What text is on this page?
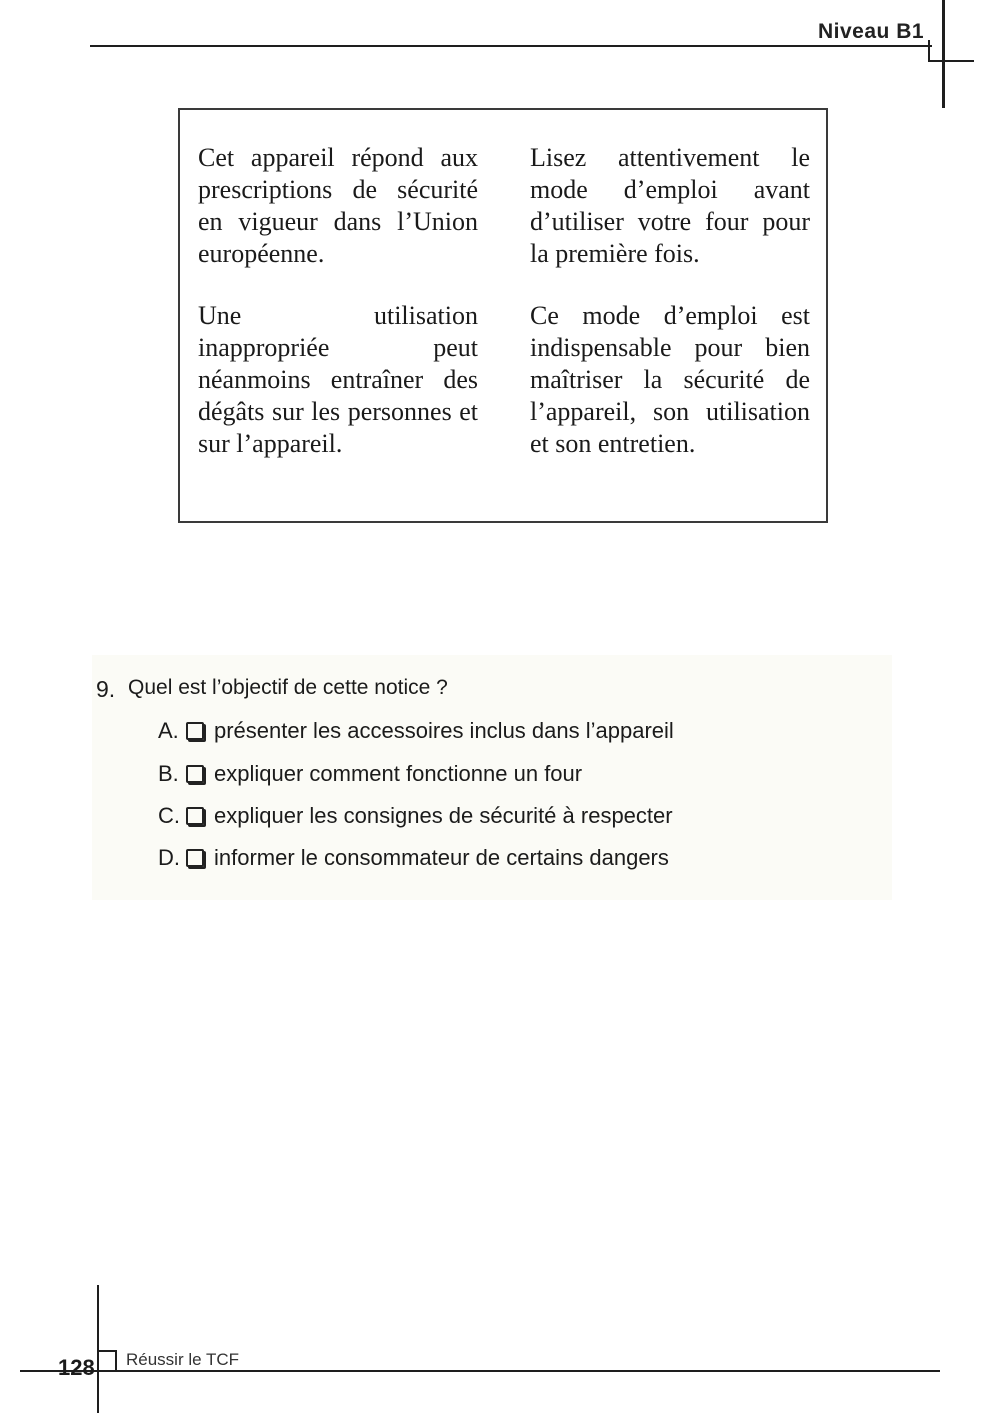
Niveau B1

Cet appareil répond aux prescriptions de sécurité en vigueur dans l’Union européenne.

Une utilisation inappropriée peut néanmoins entraîner des dégâts sur les personnes et sur l’appareil.

Lisez attentivement le mode d’emploi avant d’utiliser votre four pour la première fois.

Ce mode d’emploi est indispensable pour bien maîtriser la sécurité de l’appareil, son utilisation et son entretien.

9. Quel est l’objectif de cette notice ?
A. présenter les accessoires inclus dans l’appareil
B. expliquer comment fonctionne un four
C. expliquer les consignes de sécurité à respecter
D. informer le consommateur de certains dangers
128 Réussir le TCF
